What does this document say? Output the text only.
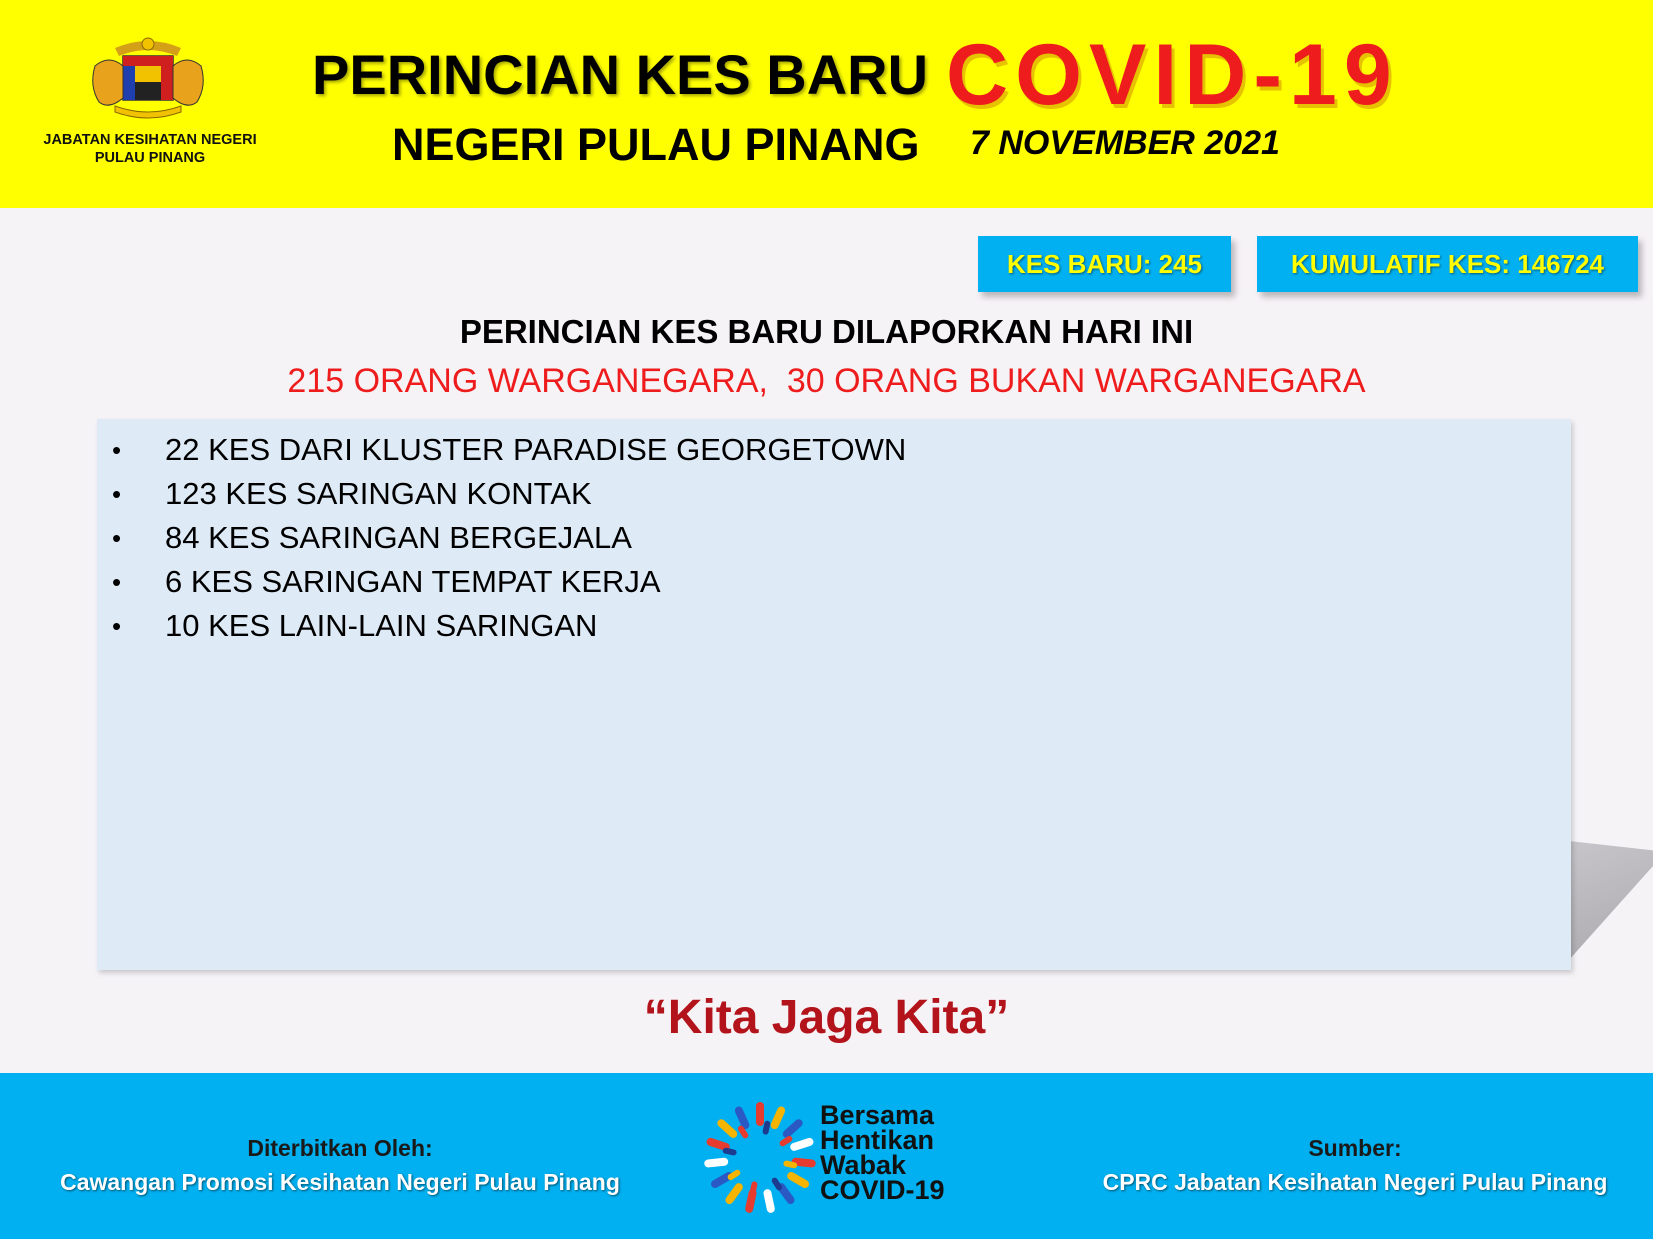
JABATAN KESIHATAN NEGERI
PULAU PINANG
PERINCIAN KES BARU COVID-19
NEGERI PULAU PINANG 7 NOVEMBER 2021
KES BARU: 245	KUMULATIF KES: 146724
PERINCIAN KES BARU DILAPORKAN HARI INI
215 ORANG WARGANEGARA,  30 ORANG BUKAN WARGANEGARA
• 22 KES DARI KLUSTER PARADISE GEORGETOWN
• 123 KES SARINGAN KONTAK
• 84 KES SARINGAN BERGEJALA
• 6 KES SARINGAN TEMPAT KERJA
• 10 KES LAIN-LAIN SARINGAN
“Kita Jaga Kita”
Diterbitkan Oleh:
Cawangan Promosi Kesihatan Negeri Pulau Pinang
Bersama
Hentikan
Wabak
COVID-19
Sumber:
CPRC Jabatan Kesihatan Negeri Pulau Pinang
